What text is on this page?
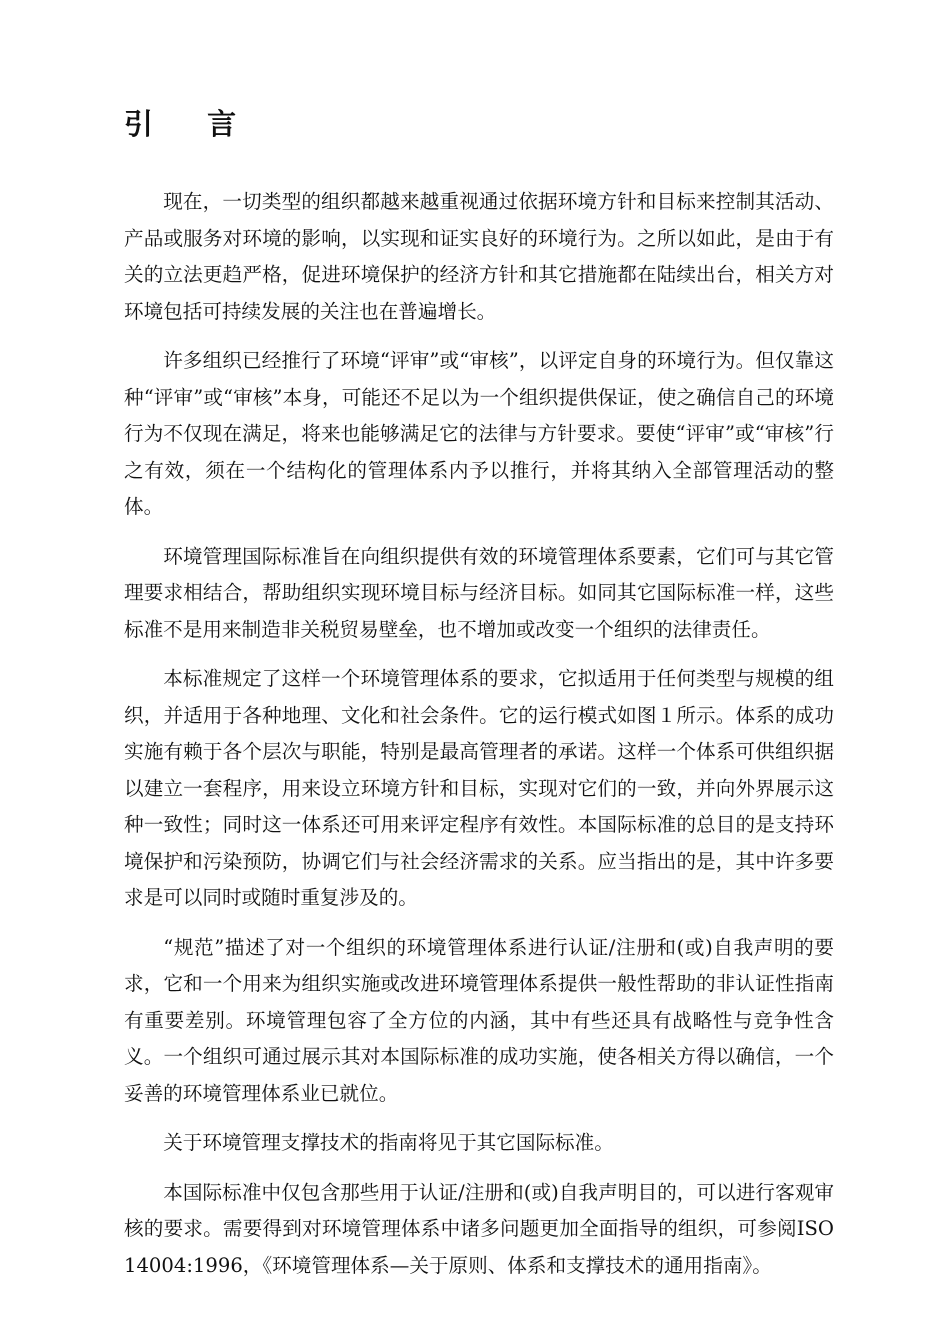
引 言

现在，一切类型的组织都越来越重视通过依据环境方针和目标来控制其活动、产品或服务对环境的影响，以实现和证实良好的环境行为。之所以如此，是由于有关的立法更趋严格，促进环境保护的经济方针和其它措施都在陆续出台，相关方对环境包括可持续发展的关注也在普遍增长。

许多组织已经推行了环境“评审”或“审核”，以评定自身的环境行为。但仅靠这种“评审”或“审核”本身，可能还不足以为一个组织提供保证，使之确信自己的环境行为不仅现在满足，将来也能够满足它的法律与方针要求。要使“评审”或“审核”行之有效，须在一个结构化的管理体系内予以推行，并将其纳入全部管理活动的整体。

环境管理国际标准旨在向组织提供有效的环境管理体系要素，它们可与其它管理要求相结合，帮助组织实现环境目标与经济目标。如同其它国际标准一样，这些标准不是用来制造非关税贸易壁垒，也不增加或改变一个组织的法律责任。

本标准规定了这样一个环境管理体系的要求，它拟适用于任何类型与规模的组织，并适用于各种地理、文化和社会条件。它的运行模式如图１所示。体系的成功实施有赖于各个层次与职能，特别是最高管理者的承诺。这样一个体系可供组织据以建立一套程序，用来设立环境方针和目标，实现对它们的一致，并向外界展示这种一致性；同时这一体系还可用来评定程序有效性。本国际标准的总目的是支持环境保护和污染预防，协调它们与社会经济需求的关系。应当指出的是，其中许多要求是可以同时或随时重复涉及的。

“规范”描述了对一个组织的环境管理体系进行认证/注册和(或)自我声明的要求，它和一个用来为组织实施或改进环境管理体系提供一般性帮助的非认证性指南有重要差别。环境管理包容了全方位的内涵，其中有些还具有战略性与竞争性含义。一个组织可通过展示其对本国际标准的成功实施，使各相关方得以确信，一个妥善的环境管理体系业已就位。

关于环境管理支撑技术的指南将见于其它国际标准。

本国际标准中仅包含那些用于认证/注册和(或)自我声明目的，可以进行客观审核的要求。需要得到对环境管理体系中诸多问题更加全面指导的组织，可参阅ISO14004:1996，《环境管理体系—关于原则、体系和支撑技术的通用指南》。
